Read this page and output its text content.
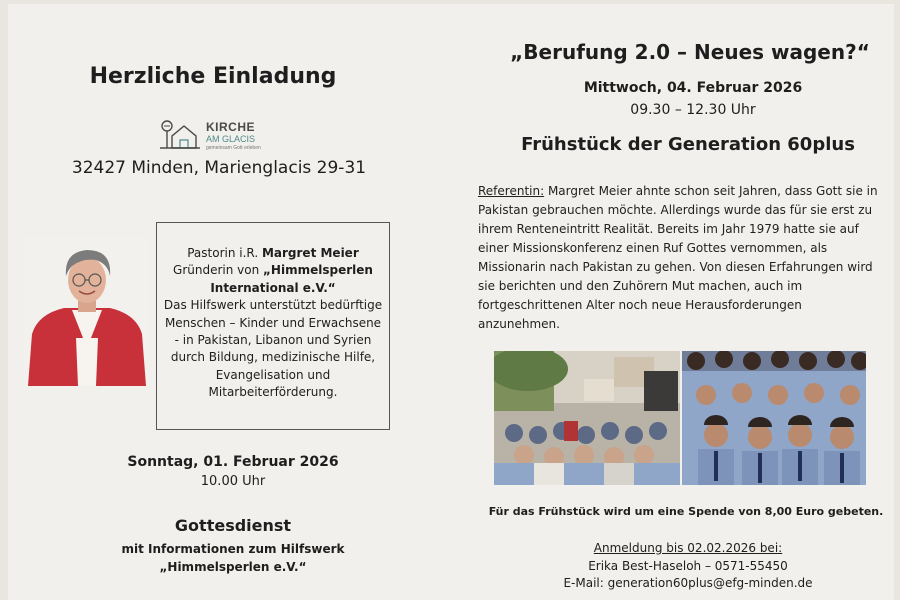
Herzliche Einladung
KIRCHE
AM GLACIS
gemeinsam Gott erleben
32427 Minden, Marienglacis 29-31
Pastorin i.R. Margret Meier
Gründerin von „Himmelsperlen International e.V.“
Das Hilfswerk unterstützt bedürftige Menschen – Kinder und Erwachsene - in Pakistan, Libanon und Syrien durch Bildung, medizinische Hilfe, Evangelisation und Mitarbeiterförderung.
Sonntag, 01. Februar 2026
10.00 Uhr
Gottesdienst
mit Informationen zum Hilfswerk
„Himmelsperlen e.V.“
„Berufung 2.0 – Neues wagen?“
Mittwoch, 04. Februar 2026
09.30 – 12.30 Uhr
Frühstück der Generation 60plus
Referentin: Margret Meier ahnte schon seit Jahren, dass Gott sie in Pakistan gebrauchen möchte. Allerdings wurde das für sie erst zu ihrem Renteneintritt Realität. Bereits im Jahr 1979 hatte sie auf einer Missionskonferenz einen Ruf Gottes vernommen, als Missionarin nach Pakistan zu gehen. Von diesen Erfahrungen wird sie berichten und den Zuhörern Mut machen, auch im fortgeschrittenen Alter noch neue Herausforderungen anzunehmen.
Für das Frühstück wird um eine Spende von 8,00 Euro gebeten.
Anmeldung bis 02.02.2026 bei:
Erika Best-Haseloh – 0571-55450
E-Mail: generation60plus@efg-minden.de
